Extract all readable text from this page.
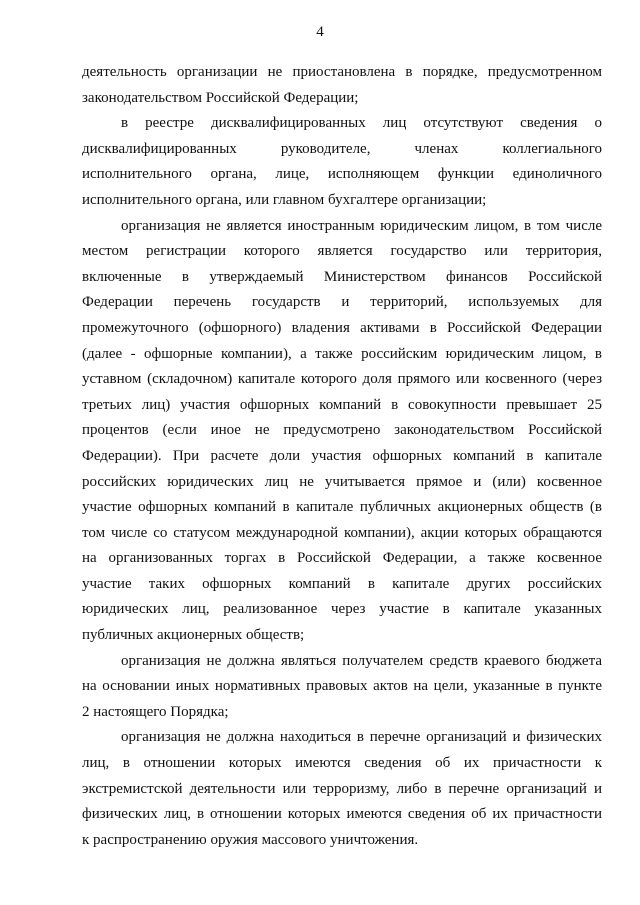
4
деятельность организации не приостановлена в порядке, предусмотренном
законодательством Российской Федерации;
в реестре дисквалифицированных лиц отсутствуют сведения о
дисквалифицированных руководителе, членах коллегиального
исполнительного органа, лице, исполняющем функции единоличного
исполнительного органа, или главном бухгалтере организации;
организация не является иностранным юридическим лицом, в том числе
местом регистрации которого является государство или территория,
включенные в утверждаемый Министерством финансов Российской
Федерации перечень государств и территорий, используемых для
промежуточного (офшорного) владения активами в Российской Федерации
(далее - офшорные компании), а также российским юридическим лицом, в
уставном (складочном) капитале которого доля прямого или косвенного (через
третьих лиц) участия офшорных компаний в совокупности превышает 25
процентов (если иное не предусмотрено законодательством Российской
Федерации). При расчете доли участия офшорных компаний в капитале
российских юридических лиц не учитывается прямое и (или) косвенное
участие офшорных компаний в капитале публичных акционерных обществ (в
том числе со статусом международной компании), акции которых обращаются
на организованных торгах в Российской Федерации, а также косвенное
участие таких офшорных компаний в капитале других российских
юридических лиц, реализованное через участие в капитале указанных
публичных акционерных обществ;
организация не должна являться получателем средств краевого бюджета
на основании иных нормативных правовых актов на цели, указанные в пункте
2 настоящего Порядка;
организация не должна находиться в перечне организаций и физических
лиц, в отношении которых имеются сведения об их причастности к
экстремистской деятельности или терроризму, либо в перечне организаций и
физических лиц, в отношении которых имеются сведения об их причастности
к распространению оружия массового уничтожения.
